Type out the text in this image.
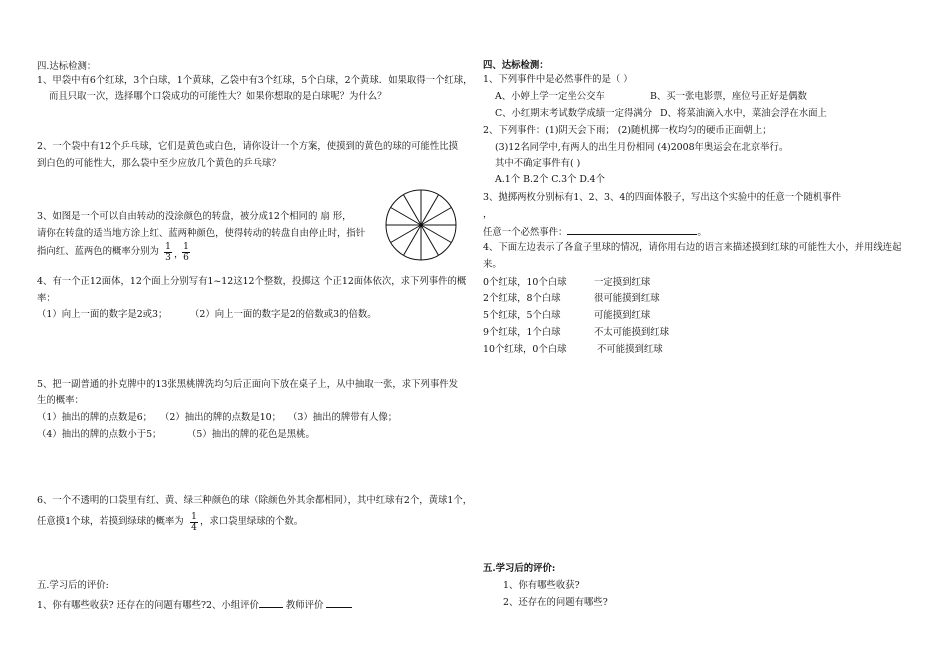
四.达标检测：
1、甲袋中有6个红球，3个白球，1个黄球，乙袋中有3个红球，5个白球，2个黄球．如果取得一个红球，
而且只取一次，选择哪个口袋成功的可能性大？如果你想取的是白球呢？为什么？
2、一个袋中有12个乒乓球，它们是黄色或白色，请你设计一个方案，使摸到的黄色的球的可能性比摸
到白色的可能性大，那么袋中至少应放几个黄色的乒乓球？
3、如图是一个可以自由转动的没涂颜色的转盘，被分成12个相同的 扇 形，
请你在转盘的适当地方涂上红、蓝两种颜色，使得转动的转盘自由停止时，指针
指向红、蓝两色的概率分别为 1
3 ，
1
6
4、有一个正12面体，12个面上分别写有1~12这12个整数，投掷这 个正12面体依次，求下列事件的概
率：
（1）向上一面的数字是2或3； （2）向上一面的数字是2的倍数或3的倍数。
5、把一副普通的扑克牌中的13张黑桃牌洗均匀后正面向下放在桌子上，从中抽取一张，求下列事件发
生的概率：
（1）抽出的牌的点数是6； （2）抽出的牌的点数是10； （3）抽出的牌带有人像；
（4）抽出的牌的点数小于5；	（5）抽出的牌的花色是黑桃。
6、一个不透明的口袋里有红、黄、绿三种颜色的球（除颜色外其余都相同），其中红球有2个，黄球1个，
任意摸1个球，若摸到绿球的概率为 1
4
，求口袋里绿球的个数。
五.学习后的评价:
1、你有哪些收获? 还存在的问题有哪些?2、小组评价	教师评价
四、达标检测：
1、下列事件中是必然事件的是（ ）
A、小婷上学一定坐公交车	B、买一张电影票，座位号正好是偶数
C、小红期末考试数学成绩一定得满分 D、将菜油滴入水中，菜油会浮在水面上
2、下列事件：(1)阴天会下雨； (2)随机掷一枚均匀的硬币正面朝上；
(3)12名同学中,有两人的出生月份相同 (4)2008年奥运会在北京举行。
其中不确定事件有( )
A.1个 B.2个 C.3个 D.4个
3、抛掷两枚分别标有1、2、3、4的四面体骰子，写出这个实验中的任意一个随机事件
，
任意一个必然事件：	。
4、下面左边表示了各盒子里球的情况，请你用右边的语言来描述摸到红球的可能性大小，并用线连起
来。
0个红球，10个白球	一定摸到红球
2个红球，8个白球	很可能摸到红球
5个红球，5个白球	可能摸到红球
9个红球，1个白球	不太可能摸到红球
10个红球，0个白球	不可能摸到红球
五.学习后的评价:
1、你有哪些收获?
2、还存在的问题有哪些?
